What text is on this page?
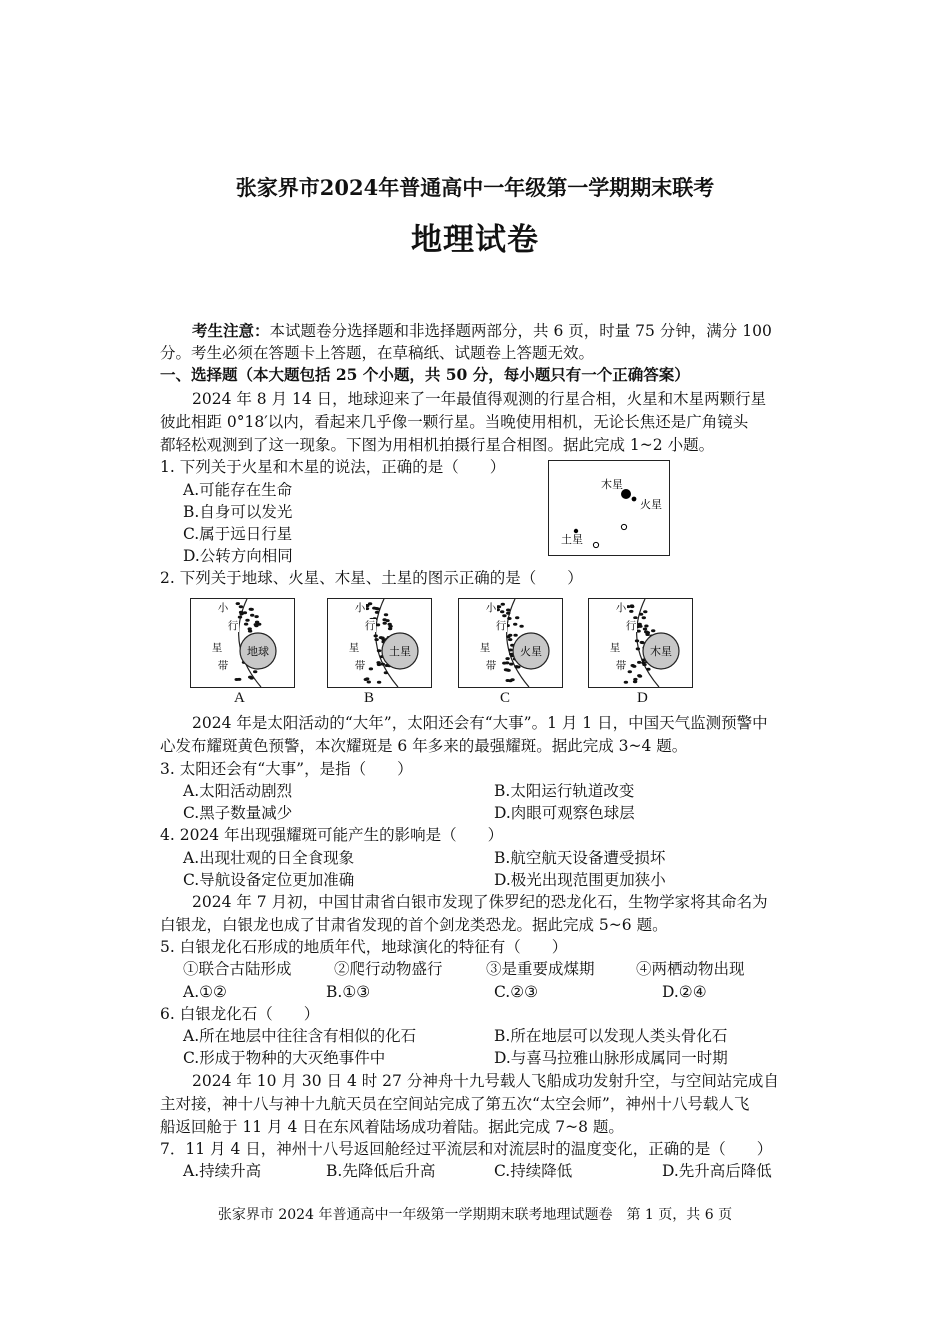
张家界市2024年普通高中一年级第一学期期末联考
地理试卷
考生注意：本试题卷分选择题和非选择题两部分，共 6 页，时量 75 分钟，满分 100
分。考生必须在答题卡上答题，在草稿纸、试题卷上答题无效。
一、选择题（本大题包括 25 个小题，共 50 分，每小题只有一个正确答案）
2024 年 8 月 14 日，地球迎来了一年最值得观测的行星合相，火星和木星两颗行星
彼此相距 0°18′以内，看起来几乎像一颗行星。当晚使用相机，无论长焦还是广角镜头
都轻松观测到了这一现象。下图为用相机拍摄行星合相图。据此完成 1~2 小题。
1. 下列关于火星和木星的说法，正确的是（　　）
A.可能存在生命
B.自身可以发光
C.属于远日行星
D.公转方向相同
木星
火星
土星
2. 下列关于地球、火星、木星、土星的图示正确的是（　　）
地球
小
行
星
带
土星
小
行
星
带
火星
小
行
星
带
木星
小
行
星
带
A	B	C	D
2024 年是太阳活动的“大年”，太阳还会有“大事”。1 月 1 日，中国天气监测预警中
心发布耀斑黄色预警，本次耀斑是 6 年多来的最强耀斑。据此完成 3~4 题。
3. 太阳还会有“大事”，是指（　　）
A.太阳活动剧烈	B.太阳运行轨道改变
C.黑子数量减少	D.肉眼可观察色球层
4. 2024 年出现强耀斑可能产生的影响是（　　）
A.出现壮观的日全食现象	B.航空航天设备遭受损坏
C.导航设备定位更加准确	D.极光出现范围更加狭小
2024 年 7 月初，中国甘肃省白银市发现了侏罗纪的恐龙化石，生物学家将其命名为
白银龙，白银龙也成了甘肃省发现的首个剑龙类恐龙。据此完成 5~6 题。
5. 白银龙化石形成的地质年代，地球演化的特征有（　　）
①联合古陆形成	②爬行动物盛行	③是重要成煤期	④两栖动物出现
A.①②	B.①③	C.②③	D.②④
6. 白银龙化石（　　）
A.所在地层中往往含有相似的化石	B.所在地层可以发现人类头骨化石
C.形成于物种的大灭绝事件中	D.与喜马拉雅山脉形成属同一时期
2024 年 10 月 30 日 4 时 27 分神舟十九号载人飞船成功发射升空，与空间站完成自
主对接，神十八与神十九航天员在空间站完成了第五次“太空会师”，神州十八号载人飞
船返回舱于 11 月 4 日在东风着陆场成功着陆。据此完成 7~8 题。
7．11 月 4 日，神州十八号返回舱经过平流层和对流层时的温度变化，正确的是（　　）
A.持续升高	B.先降低后升高	C.持续降低	D.先升高后降低
张家界市 2024 年普通高中一年级第一学期期末联考地理试题卷　第 1 页，共 6 页
